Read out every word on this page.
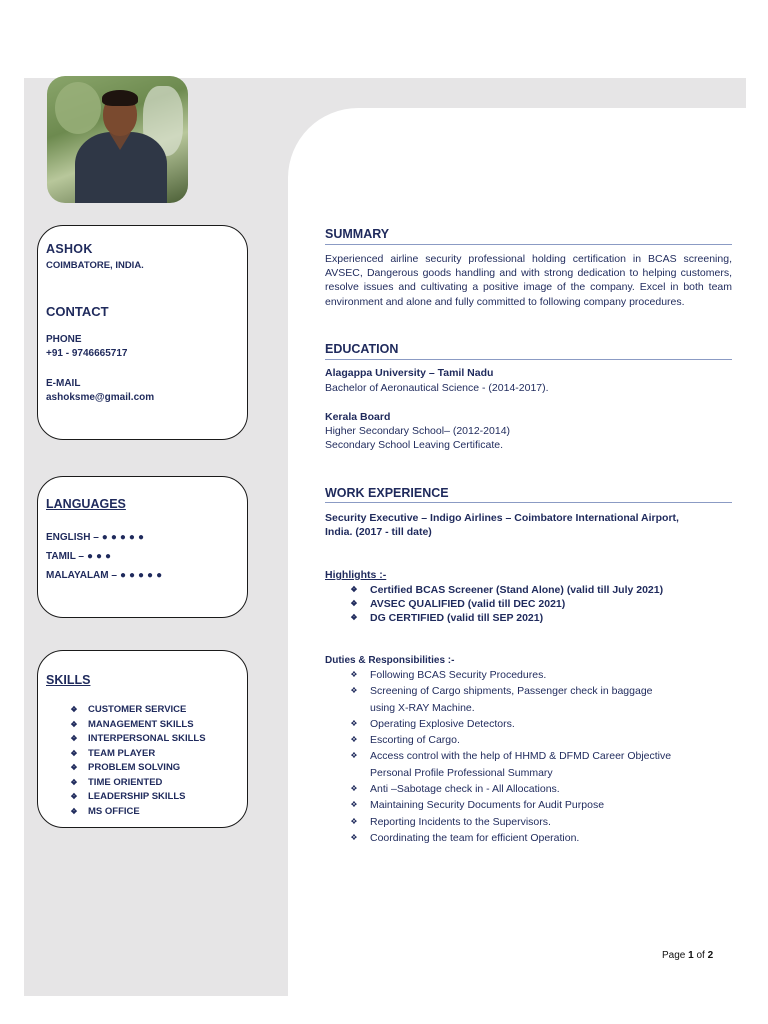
ASHOK
COIMBATORE, INDIA.
CONTACT
PHONE
+91 - 9746665717
E-MAIL
ashoksme@gmail.com
LANGUAGES
ENGLISH – ●●●●●
TAMIL – ●●●
MALAYALAM – ●●●●●
SKILLS
❖ CUSTOMER SERVICE
❖ MANAGEMENT SKILLS
❖ INTERPERSONAL SKILLS
❖ TEAM PLAYER
❖ PROBLEM SOLVING
❖ TIME ORIENTED
❖ LEADERSHIP SKILLS
❖ MS OFFICE
SUMMARY
Experienced airline security professional holding certification in BCAS screening, AVSEC, Dangerous goods handling and with strong dedication to helping customers, resolve issues and cultivating a positive image of the company. Excel in both team environment and alone and fully committed to following company procedures.
EDUCATION
Alagappa University – Tamil Nadu
Bachelor of Aeronautical Science - (2014-2017).
Kerala Board
Higher Secondary School– (2012-2014)
Secondary School Leaving Certificate.
WORK EXPERIENCE
Security Executive – Indigo Airlines – Coimbatore International Airport,
India. (2017 - till date)
Highlights :-
❖ Certified BCAS Screener (Stand Alone) (valid till July 2021)
❖ AVSEC QUALIFIED (valid till DEC 2021)
❖ DG CERTIFIED (valid till SEP 2021)
Duties & Responsibilities :-
❖ Following BCAS Security Procedures.
❖ Screening of Cargo shipments, Passenger check in baggage
using X-RAY Machine.
❖ Operating Explosive Detectors.
❖ Escorting of Cargo.
❖ Access control with the help of HHMD & DFMD Career Objective
Personal Profile Professional Summary
❖ Anti –Sabotage check in - All Allocations.
❖ Maintaining Security Documents for Audit Purpose
❖ Reporting Incidents to the Supervisors.
❖ Coordinating the team for efficient Operation.
Page 1 of 2
